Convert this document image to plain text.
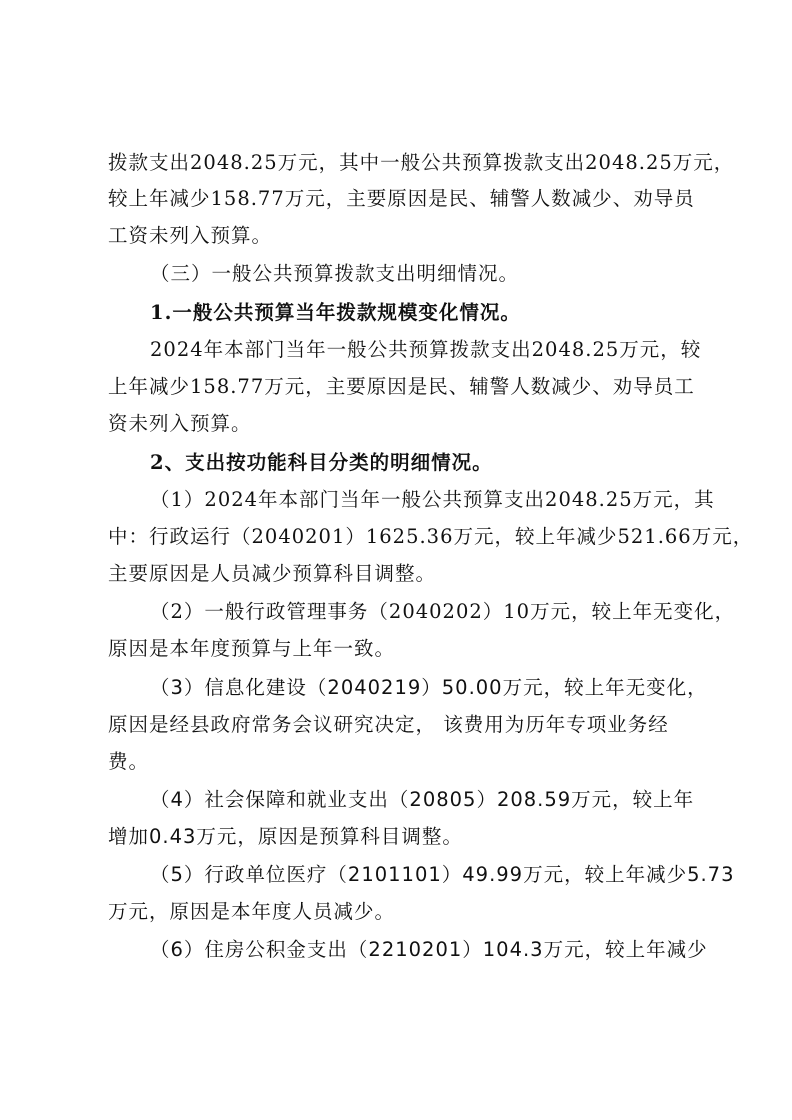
拨款支出2048.25万元，其中一般公共预算拨款支出2048.25万元，
较上年减少158.77万元，主要原因是民、辅警人数减少、劝导员
工资未列入预算。
（三）一般公共预算拨款支出明细情况。
1.一般公共预算当年拨款规模变化情况。
2024年本部门当年一般公共预算拨款支出2048.25万元，较
上年减少158.77万元，主要原因是民、辅警人数减少、劝导员工
资未列入预算。
2、支出按功能科目分类的明细情况。
（1）2024年本部门当年一般公共预算支出2048.25万元，其
中：行政运行（2040201）1625.36万元，较上年减少521.66万元，
主要原因是人员减少预算科目调整。
（2）一般行政管理事务（2040202）10万元，较上年无变化，
原因是本年度预算与上年一致。
（3）信息化建设（2040219）50.00万元，较上年无变化，
原因是经县政府常务会议研究决定， 该费用为历年专项业务经
费。
（4）社会保障和就业支出（20805）208.59万元，较上年
增加0.43万元，原因是预算科目调整。
（5）行政单位医疗（2101101）49.99万元，较上年减少5.73
万元，原因是本年度人员减少。
（6）住房公积金支出（2210201）104.3万元，较上年减少
